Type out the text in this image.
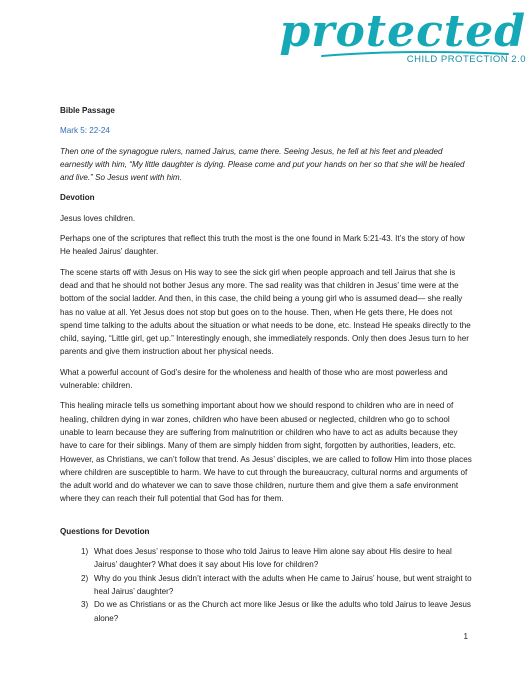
protected
CHILD PROTECTION 2.0

Bible Passage

Mark 5: 22-24

Then one of the synagogue rulers, named Jairus, came there. Seeing Jesus, he fell at his feet and pleaded earnestly with him, “My little daughter is dying. Please come and put your hands on her so that she will be healed and live.” So Jesus went with him.

Devotion

Jesus loves children.

Perhaps one of the scriptures that reflect this truth the most is the one found in Mark 5:21-43. It’s the story of how He healed Jairus’ daughter.

The scene starts off with Jesus on His way to see the sick girl when people approach and tell Jairus that she is dead and that he should not bother Jesus any more. The sad reality was that children in Jesus’ time were at the bottom of the social ladder. And then, in this case, the child being a young girl who is assumed dead— she really has no value at all. Yet Jesus does not stop but goes on to the house. Then, when He gets there, He does not spend time talking to the adults about the situation or what needs to be done, etc. Instead He speaks directly to the child, saying, “Little girl, get up.” Interestingly enough, she immediately responds. Only then does Jesus turn to her parents and give them instruction about her physical needs.

What a powerful account of God’s desire for the wholeness and health of those who are most powerless and vulnerable: children.

This healing miracle tells us something important about how we should respond to children who are in need of healing, children dying in war zones, children who have been abused or neglected, children who go to school unable to learn because they are suffering from malnutrition or children who have to act as adults because they have to care for their siblings. Many of them are simply hidden from sight, forgotten by authorities, leaders, etc. However, as Christians, we can’t follow that trend. As Jesus’ disciples, we are called to follow Him into those places where children are susceptible to harm. We have to cut through the bureaucracy, cultural norms and arguments of the adult world and do whatever we can to save those children, nurture them and give them a safe environment where they can reach their full potential that God has for them.

Questions for Devotion

1) What does Jesus’ response to those who told Jairus to leave Him alone say about His desire to heal Jairus’ daughter? What does it say about His love for children?
2) Why do you think Jesus didn’t interact with the adults when He came to Jairus’ house, but went straight to heal Jairus’ daughter?
3) Do we as Christians or as the Church act more like Jesus or like the adults who told Jairus to leave Jesus alone?
1
